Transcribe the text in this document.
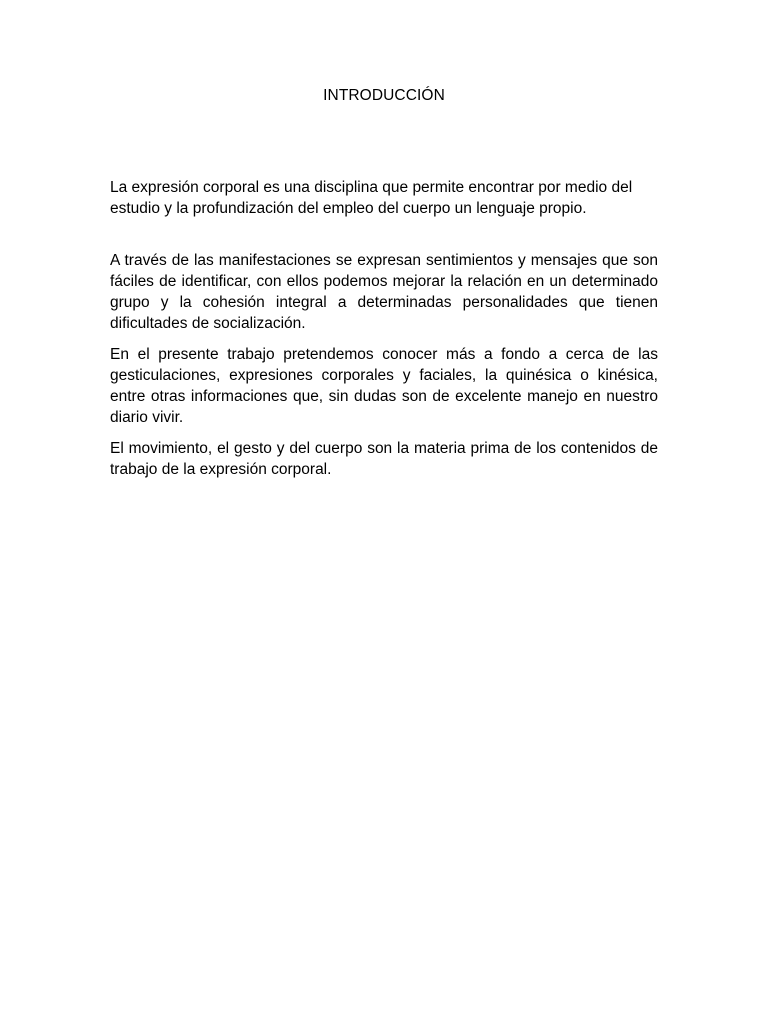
INTRODUCCIÓN

La expresión corporal es una disciplina que permite encontrar por medio del estudio y la profundización del empleo del cuerpo un lenguaje propio.

A través de las manifestaciones se expresan sentimientos y mensajes que son fáciles de identificar, con ellos podemos mejorar la relación en un determinado grupo y la cohesión integral a determinadas personalidades que tienen dificultades de socialización.

En el presente trabajo pretendemos conocer más a fondo a cerca de las gesticulaciones, expresiones corporales y faciales, la quinésica o kinésica, entre otras informaciones que, sin dudas son de excelente manejo en nuestro diario vivir.

El movimiento, el gesto y del cuerpo son la materia prima de los contenidos de trabajo de la expresión corporal.
